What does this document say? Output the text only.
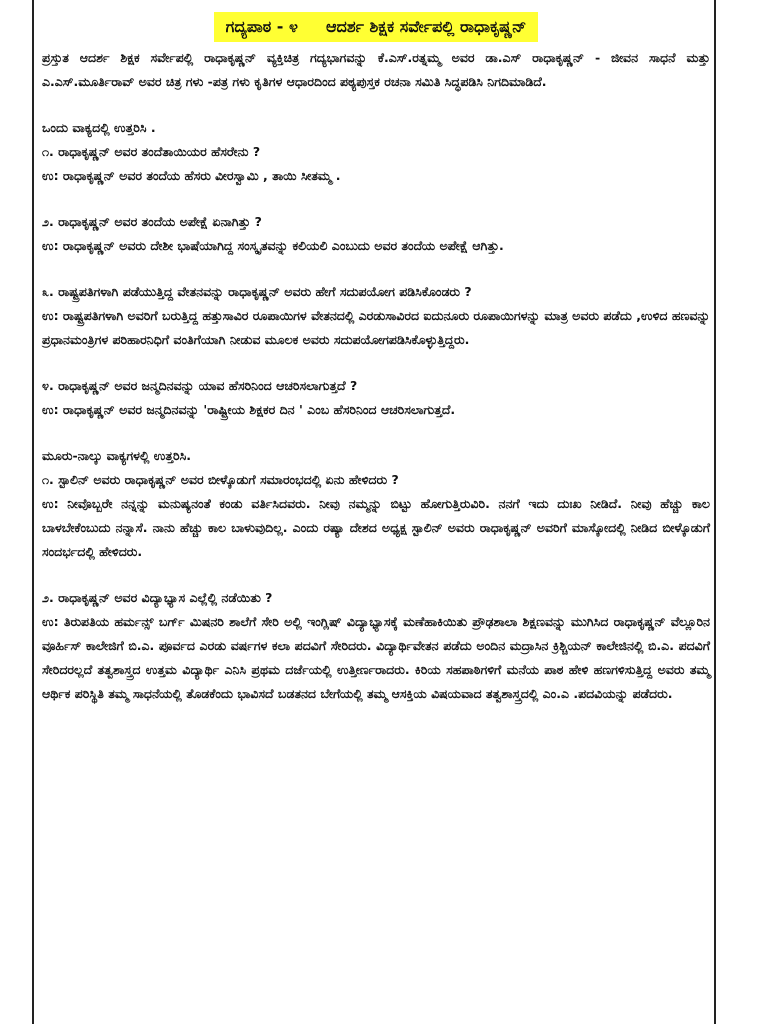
ಗದ್ಯಪಾಠ - ೪ ಆದರ್ಶ ಶಿಕ್ಷಕ ಸರ್ವೇಪಲ್ಲಿ ರಾಧಾಕೃಷ್ಣನ್

ಪ್ರಸ್ತುತ ಆದರ್ಶ ಶಿಕ್ಷಕ ಸರ್ವೇಪಲ್ಲಿ ರಾಧಾಕೃಷ್ಣನ್ ವ್ಯಕ್ತಿಚಿತ್ರ ಗದ್ಯಭಾಗವನ್ನು ಕೆ.ಎಸ್.ರತ್ನಮ್ಮ ಅವರ ಡಾ.ಎಸ್ ರಾಧಾಕೃಷ್ಣನ್ - ಜೀವನ ಸಾಧನೆ ಮತ್ತು ಎ.ಎಸ್.ಮೂರ್ತಿರಾವ್ ಅವರ ಚಿತ್ರ ಗಳು -ಪತ್ರ ಗಳು ಕೃತಿಗಳ ಆಧಾರದಿಂದ ಪಠ್ಯಪುಸ್ತಕ ರಚನಾ ಸಮಿತಿ ಸಿದ್ಧಪಡಿಸಿ ನಿಗದಿಮಾಡಿದೆ.

ಒಂದು ವಾಕ್ಯದಲ್ಲಿ ಉತ್ತರಿಸಿ .

೧. ರಾಧಾಕೃಷ್ಣನ್ ಅವರ ತಂದೆತಾಯಿಯರ ಹೆಸರೇನು ?

ಉ: ರಾಧಾಕೃಷ್ಣನ್ ಅವರ ತಂದೆಯ ಹೆಸರು ವೀರಸ್ವಾಮಿ , ತಾಯಿ ಸೀತಮ್ಮ .

೨. ರಾಧಾಕೃಷ್ಣನ್ ಅವರ ತಂದೆಯ ಅಪೇಕ್ಷೆ ಏನಾಗಿತ್ತು ?

ಉ: ರಾಧಾಕೃಷ್ಣನ್ ಅವರು ದೇಶೀ ಭಾಷೆಯಾಗಿದ್ದ ಸಂಸ್ಕೃತವನ್ನು ಕಲಿಯಲಿ ಎಂಬುದು ಅವರ ತಂದೆಯ ಅಪೇಕ್ಷೆ ಆಗಿತ್ತು.

೩. ರಾಷ್ಟ್ರಪತಿಗಳಾಗಿ ಪಡೆಯುತ್ತಿದ್ದ ವೇತನವನ್ನು ರಾಧಾಕೃಷ್ಣನ್ ಅವರು ಹೇಗೆ ಸದುಪಯೋಗ ಪಡಿಸಿಕೊಂಡರು ?

ಉ: ರಾಷ್ಟ್ರಪತಿಗಳಾಗಿ ಅವರಿಗೆ ಬರುತ್ತಿದ್ದ ಹತ್ತುಸಾವಿರ ರೂಪಾಯಿಗಳ ವೇತನದಲ್ಲಿ ಎರಡುಸಾವಿರದ ಐದುನೂರು ರೂಪಾಯಿಗಳನ್ನು ಮಾತ್ರ ಅವರು ಪಡೆದು ,ಉಳಿದ ಹಣವನ್ನು ಪ್ರಧಾನಮಂತ್ರಿಗಳ ಪರಿಹಾರನಿಧಿಗೆ ವಂತಿಗೆಯಾಗಿ ನೀಡುವ ಮೂಲಕ ಅವರು ಸದುಪಯೋಗಪಡಿಸಿಕೊಳ್ಳುತ್ತಿದ್ದರು.

೪. ರಾಧಾಕೃಷ್ಣನ್ ಅವರ ಜನ್ಮದಿನವನ್ನು ಯಾವ ಹೆಸರಿನಿಂದ ಆಚರಿಸಲಾಗುತ್ತದೆ ?

ಉ: ರಾಧಾಕೃಷ್ಣನ್ ಅವರ ಜನ್ಮದಿನವನ್ನು 'ರಾಷ್ಟ್ರೀಯ ಶಿಕ್ಷಕರ ದಿನ ' ಎಂಬ ಹೆಸರಿನಿಂದ ಆಚರಿಸಲಾಗುತ್ತದೆ.

ಮೂರು-ನಾಲ್ಕು ವಾಕ್ಯಗಳಲ್ಲಿ ಉತ್ತರಿಸಿ.

೧. ಸ್ಟಾಲಿನ್ ಅವರು ರಾಧಾಕೃಷ್ಣನ್ ಅವರ ಬೀಳ್ಕೊಡುಗೆ ಸಮಾರಂಭದಲ್ಲಿ ಏನು ಹೇಳಿದರು ?

ಉ: ನೀವೊಬ್ಬರೇ ನನ್ನನ್ನು ಮನುಷ್ಯನಂತೆ ಕಂಡು ವರ್ತಿಸಿದವರು. ನೀವು ನಮ್ಮನ್ನು ಬಿಟ್ಟು ಹೋಗುತ್ತಿರುವಿರಿ. ನನಗೆ ಇದು ದುಃಖ ನೀಡಿದೆ. ನೀವು ಹೆಚ್ಚು ಕಾಲ ಬಾಳಬೇಕೆಂಬುದು ನನ್ನಾಸೆ. ನಾನು ಹೆಚ್ಚು ಕಾಲ ಬಾಳುವುದಿಲ್ಲ. ಎಂದು ರಷ್ಯಾ ದೇಶದ ಅಧ್ಯಕ್ಷ ಸ್ಟಾಲಿನ್ ಅವರು ರಾಧಾಕೃಷ್ಣನ್ ಅವರಿಗೆ ಮಾಸ್ಕೋದಲ್ಲಿ ನೀಡಿದ ಬೀಳ್ಕೊಡುಗೆ ಸಂದರ್ಭದಲ್ಲಿ ಹೇಳಿದರು.

೨. ರಾಧಾಕೃಷ್ಣನ್ ಅವರ ವಿದ್ಯಾಭ್ಯಾಸ ಎಲ್ಲೆಲ್ಲಿ ನಡೆಯಿತು ?

ಉ: ತಿರುಪತಿಯ ಹರ್ಮನ್ಸ್ ಬರ್ಗ್ ಮಿಷನರಿ ಶಾಲೆಗೆ ಸೇರಿ ಅಲ್ಲಿ ಇಂಗ್ಲಿಷ್ ವಿದ್ಯಾಭ್ಯಾಸಕ್ಕೆ ಮಣೆಹಾಕಿಯಿತು ಪ್ರೌಢಶಾಲಾ ಶಿಕ್ಷಣವನ್ನು ಮುಗಿಸಿದ ರಾಧಾಕೃಷ್ಣನ್ ವೆಲ್ಲೂರಿನ ವೂರ್ಹಿಸ್ ಕಾಲೇಜಿಗೆ ಬಿ.ಎ. ಪೂರ್ವದ ಎರಡು ವರ್ಷಗಳ ಕಲಾ ಪದವಿಗೆ ಸೇರಿದರು. ವಿದ್ಯಾರ್ಥಿವೇತನ ಪಡೆದು ಅಂದಿನ ಮದ್ರಾಸಿನ ಕ್ರಿಶ್ಚಿಯನ್ ಕಾಲೇಜಿನಲ್ಲಿ ಬಿ.ಎ. ಪದವಿಗೆ ಸೇರಿದರಲ್ಲದೆ ತತ್ವಶಾಸ್ತ್ರದ ಉತ್ತಮ ವಿದ್ಯಾರ್ಥಿ ಎನಿಸಿ ಪ್ರಥಮ ದರ್ಜೆಯಲ್ಲಿ ಉತ್ತೀರ್ಣರಾದರು. ಕಿರಿಯ ಸಹಪಾಠಿಗಳಿಗೆ ಮನೆಯ ಪಾಠ ಹೇಳಿ ಹಣಗಳಿಸುತ್ತಿದ್ದ ಅವರು ತಮ್ಮ ಆರ್ಥಿಕ ಪರಿಸ್ಥಿತಿ ತಮ್ಮ ಸಾಧನೆಯಲ್ಲಿ ತೊಡಕೆಂದು ಭಾವಿಸದೆ ಬಡತನದ ಬೇಗೆಯಲ್ಲಿ ತಮ್ಮ ಆಸಕ್ತಿಯ ವಿಷಯವಾದ ತತ್ವಶಾಸ್ತ್ರದಲ್ಲಿ ಎಂ.ಎ .ಪದವಿಯನ್ನು ಪಡೆದರು.
